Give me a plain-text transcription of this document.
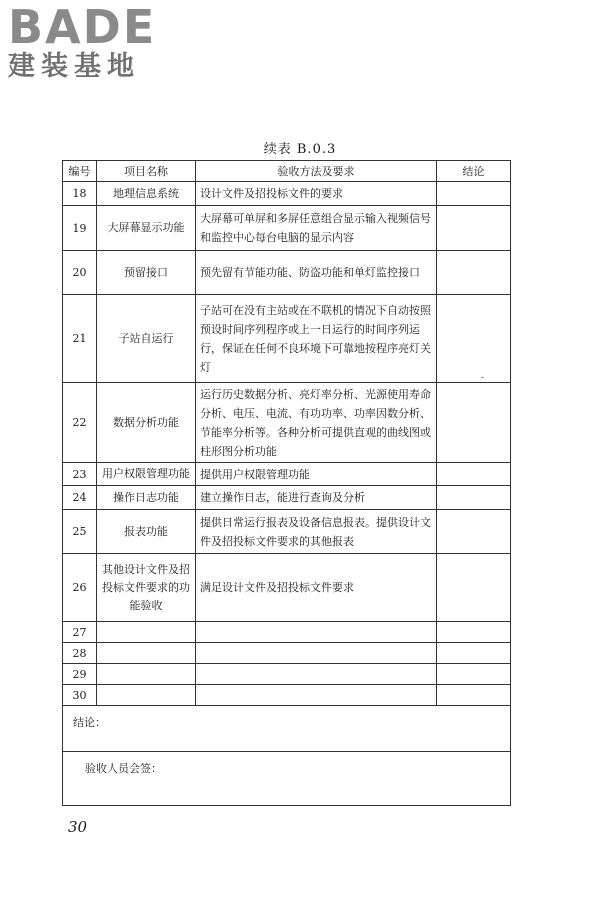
BADE
建装基地
续表 B.0.3
编号	项目名称	验收方法及要求	结论
18	地理信息系统	设计文件及招投标文件的要求	
19	大屏幕显示功能	大屏幕可单屏和多屏任意组合显示输入视频信号和监控中心每台电脑的显示内容	
20	预留接口	预先留有节能功能、防盗功能和单灯监控接口	
21	子站自运行	子站可在没有主站或在不联机的情况下自动按照预设时间序列程序或上一日运行的时间序列运行，保证在任何不良环境下可靠地按程序亮灯关灯	
22	数据分析功能	运行历史数据分析、亮灯率分析、光源使用寿命分析、电压、电流、有功功率、功率因数分析、节能率分析等。各种分析可提供直观的曲线图或柱形图分析功能	
23	用户权限管理功能	提供用户权限管理功能	
24	操作日志功能	建立操作日志，能进行查询及分析	
25	报表功能	提供日常运行报表及设备信息报表。提供设计文件及招投标文件要求的其他报表	
26	其他设计文件及招投标文件要求的功能验收	满足设计文件及招投标文件要求	
27			
28			
29			
30			
结论：			
验收人员会签：			
-
30
